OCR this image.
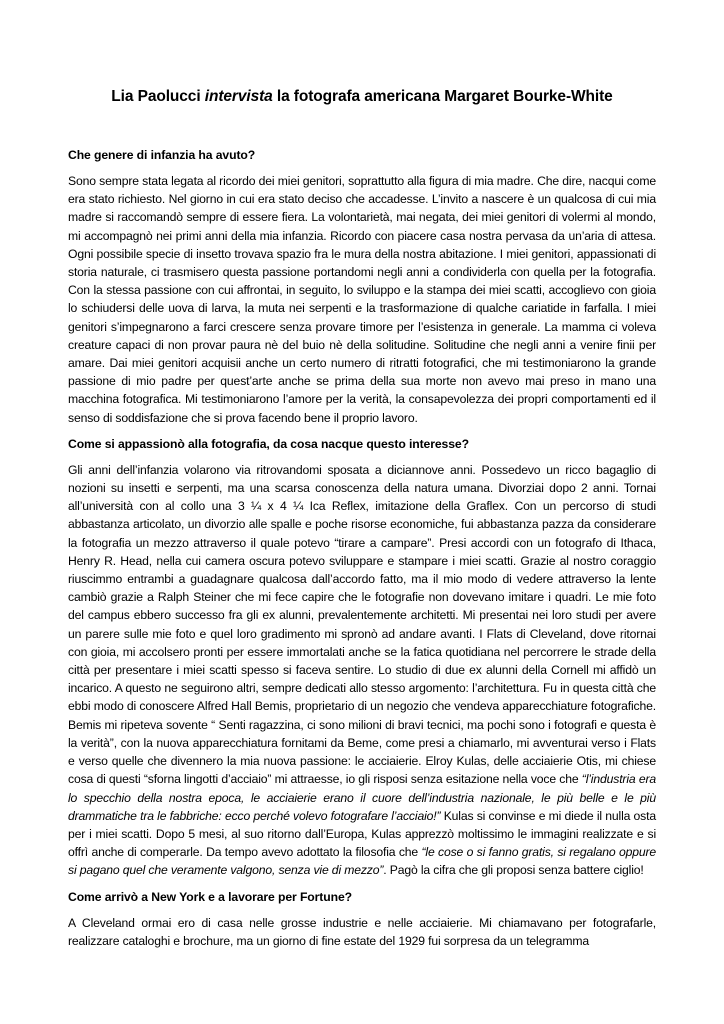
Lia Paolucci intervista la fotografa americana Margaret Bourke-White
Che genere di infanzia ha avuto?
Sono sempre stata legata al ricordo dei miei genitori, soprattutto alla figura di mia madre. Che dire, nacqui come era stato richiesto. Nel giorno in cui era stato deciso che accadesse. L’invito a nascere è un qualcosa di cui mia madre si raccomandò sempre di essere fiera. La volontarietà, mai negata, dei miei genitori di volermi al mondo, mi accompagnò nei primi anni della mia infanzia. Ricordo con piacere casa nostra pervasa da un’aria di attesa. Ogni possibile specie di insetto trovava spazio fra le mura della nostra abitazione. I miei genitori, appassionati di storia naturale, ci trasmisero questa passione portandomi negli anni a condividerla con quella per la fotografia. Con la stessa passione con cui affrontai, in seguito, lo sviluppo e la stampa dei miei scatti, accoglievo con gioia lo schiudersi delle uova di larva, la muta nei serpenti e la trasformazione di qualche cariatide in farfalla. I miei genitori s’impegnarono a farci crescere senza provare timore per l’esistenza in generale. La mamma ci voleva creature capaci di non provar paura nè del buio nè della solitudine. Solitudine che negli anni a venire finii per amare. Dai miei genitori acquisii anche un certo numero di ritratti fotografici, che mi testimoniarono la grande passione di mio padre per quest’arte anche se prima della sua morte non avevo mai preso in mano una macchina fotografica. Mi testimoniarono l’amore per la verità, la consapevolezza dei propri comportamenti ed il senso di soddisfazione che si prova facendo bene il proprio lavoro.
Come si appassionò alla fotografia, da cosa nacque questo interesse?
Gli anni dell’infanzia volarono via ritrovandomi sposata a diciannove anni. Possedevo un ricco bagaglio di nozioni su insetti e serpenti, ma una scarsa conoscenza della natura umana. Divorziai dopo 2 anni. Tornai all’università con al collo una 3 ¼ x 4 ¼ Ica Reflex, imitazione della Graflex. Con un percorso di studi abbastanza articolato, un divorzio alle spalle e poche risorse economiche, fui abbastanza pazza da considerare la fotografia un mezzo attraverso il quale potevo “tirare a campare”. Presi accordi con un fotografo di Ithaca, Henry R. Head, nella cui camera oscura potevo sviluppare e stampare i miei scatti. Grazie al nostro coraggio riuscimmo entrambi a guadagnare qualcosa dall’accordo fatto, ma il mio modo di vedere attraverso la lente cambiò grazie a Ralph Steiner che mi fece capire che le fotografie non dovevano imitare i quadri. Le mie foto del campus ebbero successo fra gli ex alunni, prevalentemente architetti. Mi presentai nei loro studi per avere un parere sulle mie foto e quel loro gradimento mi spronò ad andare avanti. I Flats di Cleveland, dove ritornai con gioia, mi accolsero pronti per essere immortalati anche se la fatica quotidiana nel percorrere le strade della città per presentare i miei scatti spesso si faceva sentire. Lo studio di due ex alunni della Cornell mi affidò un incarico. A questo ne seguirono altri, sempre dedicati allo stesso argomento: l’architettura. Fu in questa città che ebbi modo di conoscere Alfred Hall Bemis, proprietario di un negozio che vendeva apparecchiature fotografiche. Bemis mi ripeteva sovente “ Senti ragazzina, ci sono milioni di bravi tecnici, ma pochi sono i fotografi e questa è la verità”, con la nuova apparecchiatura fornitami da Beme, come presi a chiamarlo, mi avventurai verso i Flats e verso quelle che divennero la mia nuova passione: le acciaierie. Elroy Kulas, delle acciaierie Otis, mi chiese cosa di questi “sforna lingotti d’acciaio” mi attraesse, io gli risposi senza esitazione nella voce che “l’industria era lo specchio della nostra epoca, le acciaierie erano il cuore dell’industria nazionale, le più belle e le più drammatiche tra le fabbriche: ecco perché volevo fotografare l’acciaio!” Kulas si convinse e mi diede il nulla osta per i miei scatti. Dopo 5 mesi, al suo ritorno dall’Europa, Kulas apprezzò moltissimo le immagini realizzate e si offrì anche di comperarle. Da tempo avevo adottato la filosofia che “le cose o si fanno gratis, si regalano oppure si pagano quel che veramente valgono, senza vie di mezzo”. Pagò la cifra che gli proposi senza battere ciglio!
Come arrivò a New York e a lavorare per Fortune?
A Cleveland ormai ero di casa nelle grosse industrie e nelle acciaierie. Mi chiamavano per fotografarle, realizzare cataloghi e brochure, ma un giorno di fine estate del 1929 fui sorpresa da un telegramma
